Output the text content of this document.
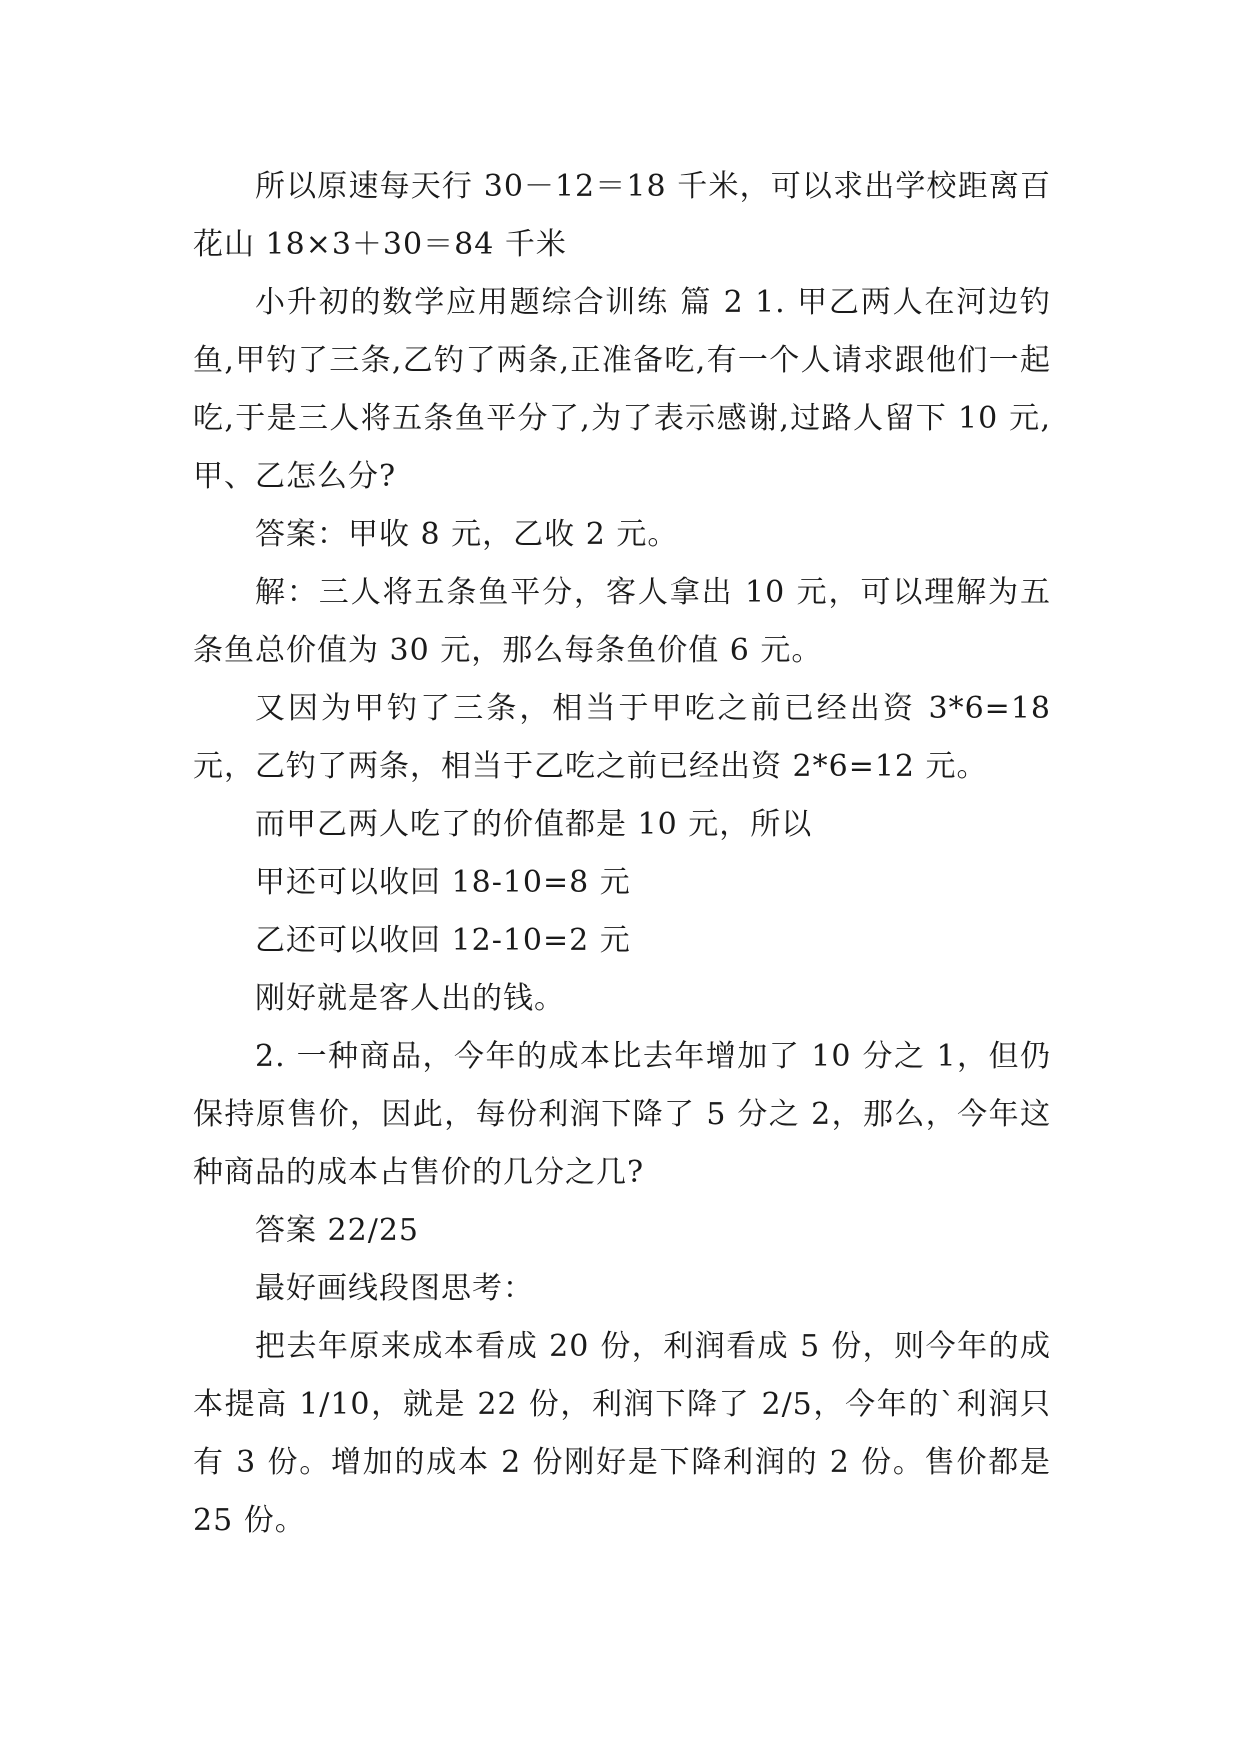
所以原速每天行 30－12＝18 千米，可以求出学校距离百花山 18×3＋30＝84 千米

小升初的数学应用题综合训练 篇 2 1. 甲乙两人在河边钓鱼,甲钓了三条,乙钓了两条,正准备吃,有一个人请求跟他们一起吃,于是三人将五条鱼平分了,为了表示感谢,过路人留下 10 元,甲、乙怎么分?

答案：甲收 8 元，乙收 2 元。

解：三人将五条鱼平分，客人拿出 10 元，可以理解为五条鱼总价值为 30 元，那么每条鱼价值 6 元。

又因为甲钓了三条，相当于甲吃之前已经出资 3*6=18 元，乙钓了两条，相当于乙吃之前已经出资 2*6=12 元。

而甲乙两人吃了的价值都是 10 元，所以

甲还可以收回 18-10=8 元

乙还可以收回 12-10=2 元

刚好就是客人出的钱。

2. 一种商品，今年的成本比去年增加了 10 分之 1，但仍保持原售价，因此，每份利润下降了 5 分之 2，那么，今年这种商品的成本占售价的几分之几?

答案 22/25

最好画线段图思考：

把去年原来成本看成 20 份，利润看成 5 份，则今年的成本提高 1/10，就是 22 份，利润下降了 2/5，今年的`利润只有 3 份。增加的成本 2 份刚好是下降利润的 2 份。售价都是 25 份。
